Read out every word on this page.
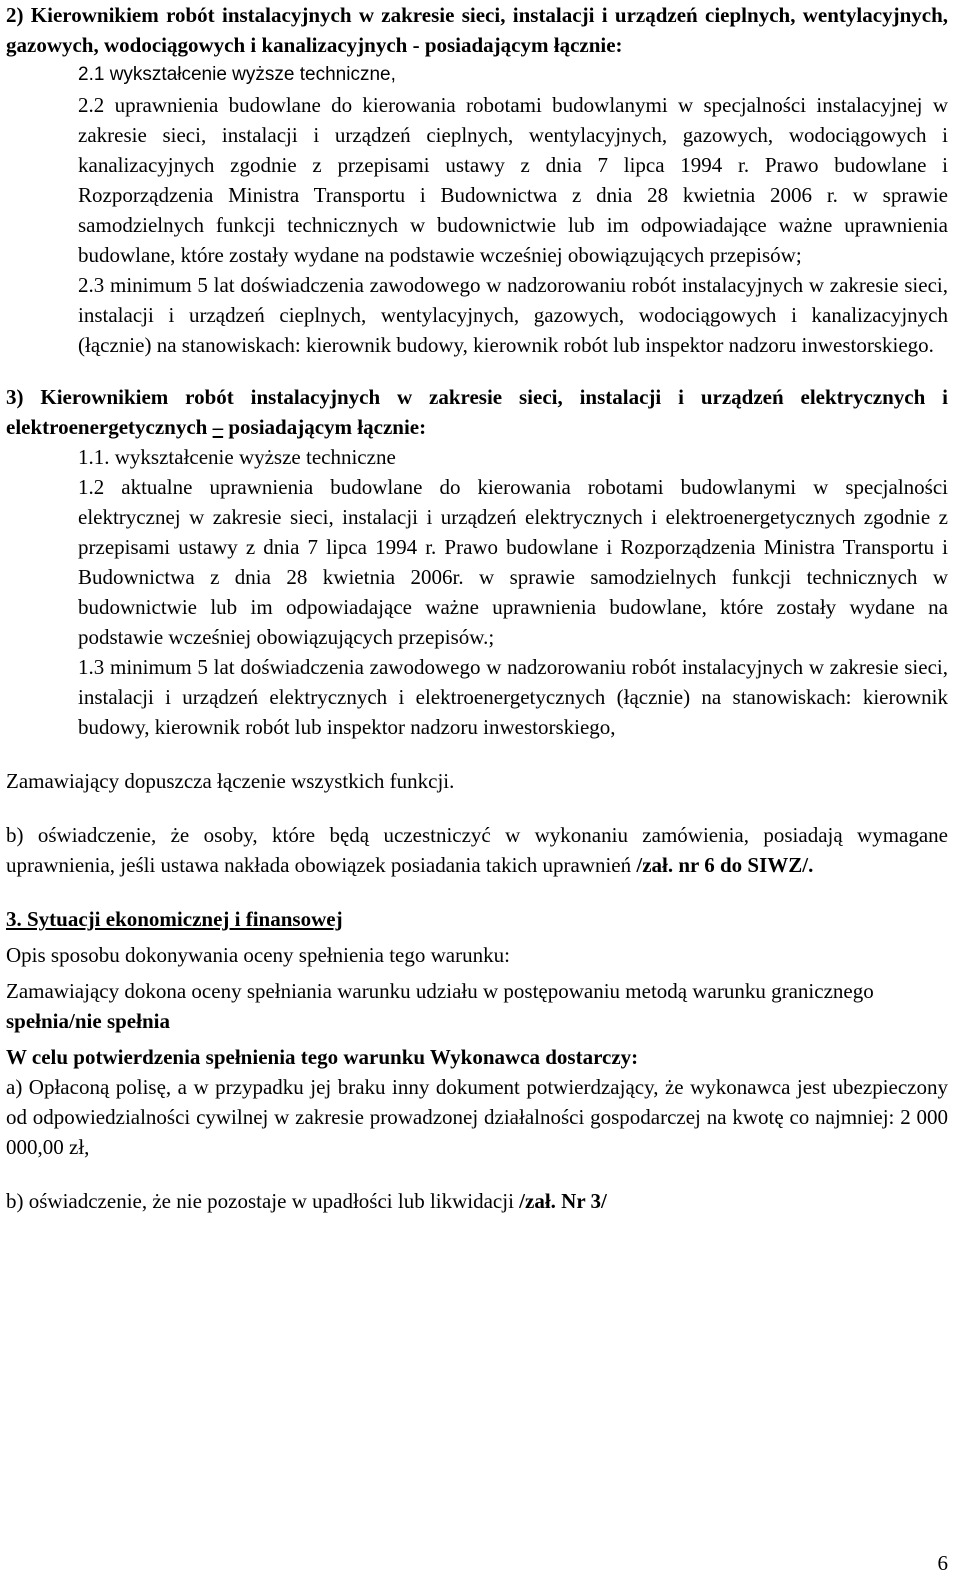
2) Kierownikiem robót instalacyjnych w zakresie sieci, instalacji i urządzeń cieplnych, wentylacyjnych, gazowych, wodociągowych i kanalizacyjnych - posiadającym łącznie:

2.1 wykształcenie wyższe techniczne,

2.2 uprawnienia budowlane do kierowania robotami budowlanymi w specjalności instalacyjnej w zakresie sieci, instalacji i urządzeń cieplnych, wentylacyjnych, gazowych, wodociągowych i kanalizacyjnych zgodnie z przepisami ustawy z dnia 7 lipca 1994 r. Prawo budowlane i Rozporządzenia Ministra Transportu i Budownictwa z dnia 28 kwietnia 2006 r. w sprawie samodzielnych funkcji technicznych w budownictwie lub im odpowiadające ważne uprawnienia budowlane, które zostały wydane na podstawie wcześniej obowiązujących przepisów;

2.3 minimum 5 lat doświadczenia zawodowego w nadzorowaniu robót instalacyjnych w zakresie sieci, instalacji i urządzeń cieplnych, wentylacyjnych, gazowych, wodociągowych i kanalizacyjnych (łącznie) na stanowiskach: kierownik budowy, kierownik robót lub inspektor nadzoru inwestorskiego.

3) Kierownikiem robót instalacyjnych w zakresie sieci, instalacji i urządzeń elektrycznych i elektroenergetycznych – posiadającym łącznie:

1.1. wykształcenie wyższe techniczne

1.2 aktualne uprawnienia budowlane do kierowania robotami budowlanymi w specjalności elektrycznej w zakresie sieci, instalacji i urządzeń elektrycznych i elektroenergetycznych zgodnie z przepisami ustawy z dnia 7 lipca 1994 r. Prawo budowlane i Rozporządzenia Ministra Transportu i Budownictwa z dnia 28 kwietnia 2006r. w sprawie samodzielnych funkcji technicznych w budownictwie lub im odpowiadające ważne uprawnienia budowlane, które zostały wydane na podstawie wcześniej obowiązujących przepisów.;

1.3 minimum 5 lat doświadczenia zawodowego w nadzorowaniu robót instalacyjnych w zakresie sieci, instalacji i urządzeń elektrycznych i elektroenergetycznych (łącznie) na stanowiskach: kierownik budowy, kierownik robót lub inspektor nadzoru inwestorskiego,

Zamawiający dopuszcza łączenie wszystkich funkcji.

b) oświadczenie, że osoby, które będą uczestniczyć w wykonaniu zamówienia, posiadają wymagane uprawnienia, jeśli ustawa nakłada obowiązek posiadania takich uprawnień /zał. nr 6 do SIWZ/.

3. Sytuacji ekonomicznej i finansowej

Opis sposobu dokonywania oceny spełnienia tego warunku:

Zamawiający dokona oceny spełniania warunku udziału w postępowaniu metodą warunku granicznego spełnia/nie spełnia

W celu potwierdzenia spełnienia tego warunku Wykonawca dostarczy:

a) Opłaconą polisę, a w przypadku jej braku inny dokument potwierdzający, że wykonawca jest ubezpieczony od odpowiedzialności cywilnej w zakresie prowadzonej działalności gospodarczej na kwotę co najmniej: 2 000 000,00 zł,

b) oświadczenie, że nie pozostaje w upadłości lub likwidacji /zał. Nr 3/

6
